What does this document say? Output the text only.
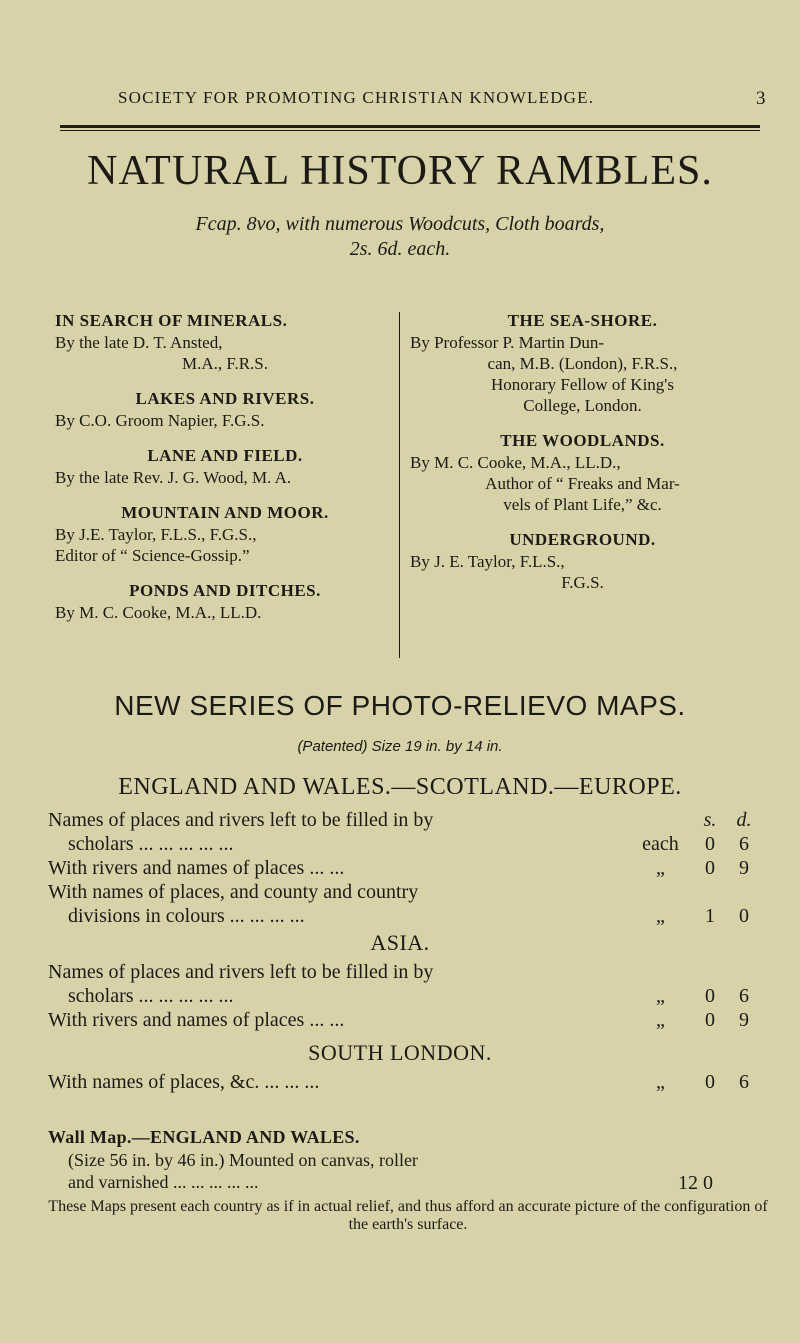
SOCIETY FOR PROMOTING CHRISTIAN KNOWLEDGE.	3
NATURAL HISTORY RAMBLES.
Fcap. 8vo, with numerous Woodcuts, Cloth boards,
2s. 6d. each.
IN SEARCH OF MINERALS.
By the late D. T. Ansted,
M.A., F.R.S.
LAKES AND RIVERS.
By C.O. Groom Napier, F.G.S.
LANE AND FIELD.
By the late Rev. J. G. Wood, M. A.
MOUNTAIN AND MOOR.
By J.E. Taylor, F.L.S., F.G.S.,
Editor of “ Science-Gossip.”
PONDS AND DITCHES.
By M. C. Cooke, M.A., LL.D.
THE SEA-SHORE.
By Professor P. Martin Dun-
can, M.B. (London), F.R.S.,
Honorary Fellow of King's
College, London.
THE WOODLANDS.
By M. C. Cooke, M.A., LL.D.,
Author of “ Freaks and Mar-
vels of Plant Life,” &c.
UNDERGROUND.
By J. E. Taylor, F.L.S.,
F.G.S.
NEW SERIES OF PHOTO-RELIEVO MAPS.
(Patented) Size 19 in. by 14 in.
ENGLAND AND WALES.—SCOTLAND.—EUROPE.
Names of places and rivers left to be filled in by	s. d.
scholars ... ... ... ... ...	each	0	6
With rivers and names of places ... ...	„	0	9
With names of places, and county and country
divisions in colours ... ... ... ...	„	1	0
ASIA.
Names of places and rivers left to be filled in by
scholars ... ... ... ... ...	„	0	6
With rivers and names of places ... ...	„	0	9
SOUTH LONDON.
With names of places, &c. ... ... ...	„	0	6
Wall Map.—ENGLAND AND WALES.
(Size 56 in. by 46 in.) Mounted on canvas, roller
and varnished ... ... ... ... ...	12 0
These Maps present each country as if in actual relief, and thus afford an accurate picture of the configuration of the earth's surface.
